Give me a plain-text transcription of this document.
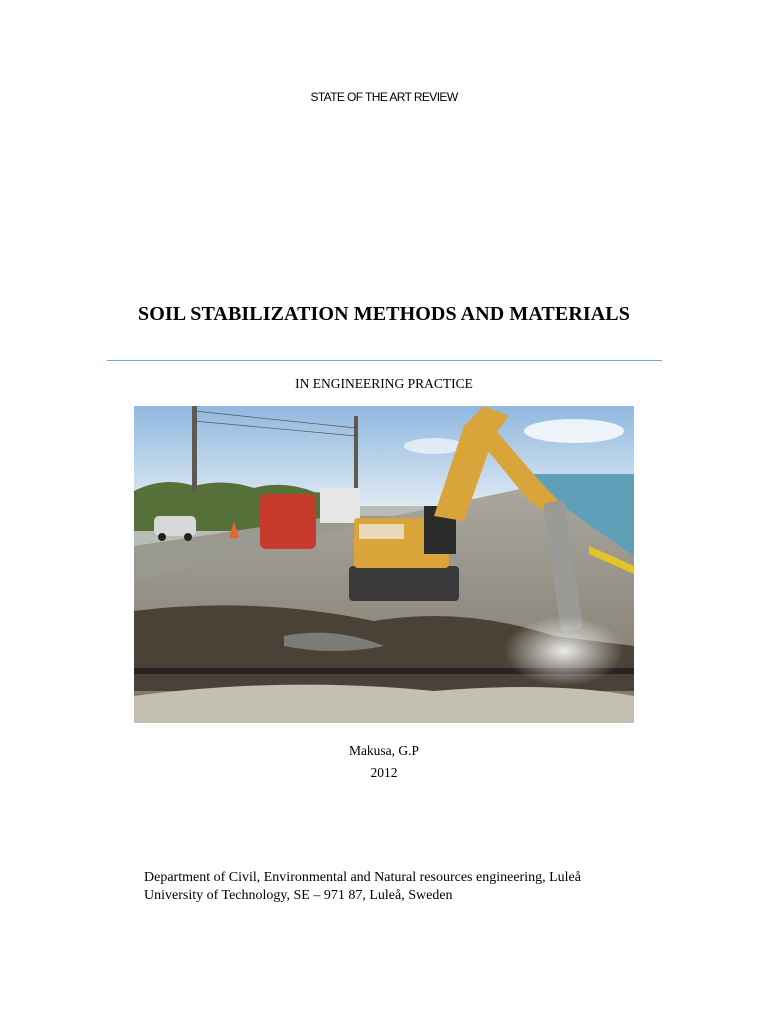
STATE OF THE ART REVIEW
SOIL STABILIZATION METHODS AND MATERIALS
IN ENGINEERING PRACTICE
Makusa, G.P
2012
Department of Civil, Environmental and Natural resources engineering, Luleå
University of Technology, SE – 971 87, Luleå, Sweden
